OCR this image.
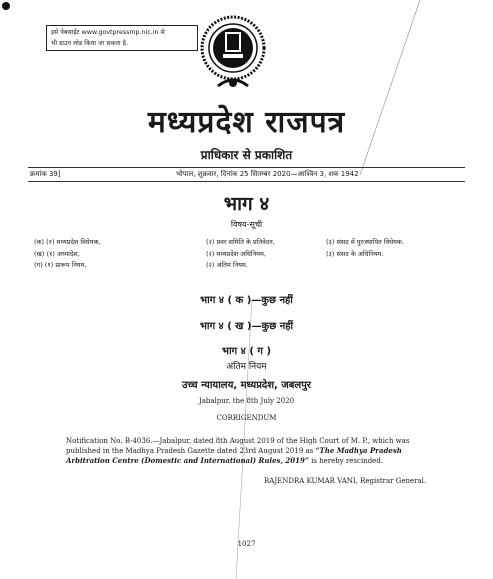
इसे वेबसाईट www.govtpressmp.nic.in से
भी डाउन लोड किया जा सकता है.
मध्यप्रदेश राजपत्र
प्राधिकार से प्रकाशित
क्रमांक 39]	भोपाल, शुक्रवार, दिनांक 25 सितम्बर 2020—आश्विन 3, शक 1942
भाग ४
विषय-सूची
(क) (१) मध्यप्रदेश विधेयक,
(ख) (१) अध्यादेश,
(ग) (१) प्रारूप नियम,
(२) प्रवर समिति के प्रतिवेदन,
(२) मध्यप्रदेश अधिनियम,
(२) अंतिम नियम.
(३) संसद में पुरःस्थापित विधेयक.
(३) संसद के अधिनियम.
भाग ४ ( क )—कुछ नहीं
भाग ४ ( ख )—कुछ नहीं
भाग ४ ( ग )
अंतिम नियम
उच्च न्यायालय, मध्यप्रदेश, जबलपुर
Jabalpur, the 8th July 2020
CORRIGENDUM
Notification No. B-4036.—Jabalpur, dated 8th August 2019 of the High Court of M. P., which was published in the Madhya Pradesh Gazette dated 23rd August 2019 as “The Madhya Pradesh Arbitration Centre (Domestic and International) Rules, 2019” is hereby rescinded.
RAJENDRA KUMAR VANI, Registrar General.
1027
